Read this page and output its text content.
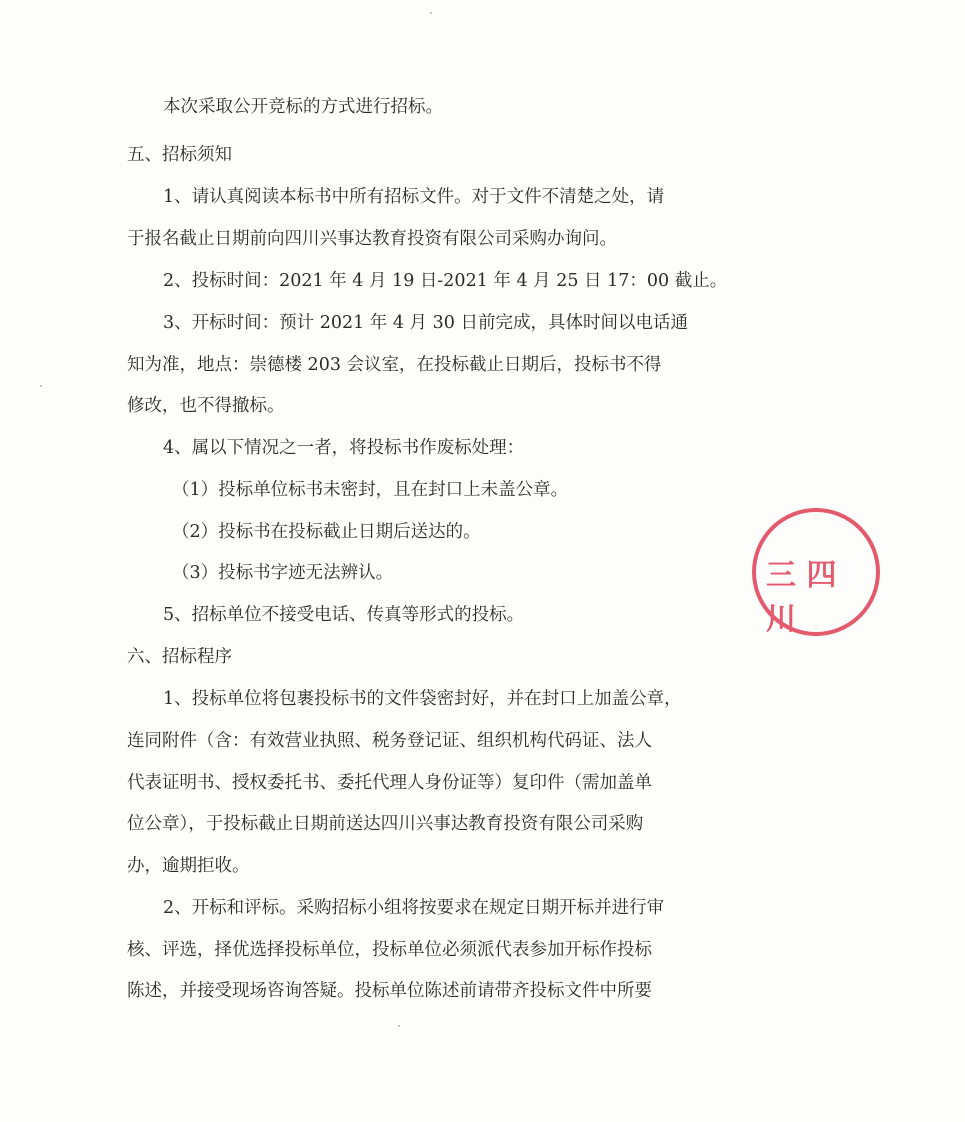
本次采取公开竞标的方式进行招标。
五、招标须知
1、请认真阅读本标书中所有招标文件。对于文件不清楚之处，请
于报名截止日期前向四川兴事达教育投资有限公司采购办询问。
2、投标时间：2021 年 4 月 19 日-2021 年 4 月 25 日 17：00 截止。
3、开标时间：预计 2021 年 4 月 30 日前完成，具体时间以电话通
知为准，地点：崇德楼 203 会议室，在投标截止日期后，投标书不得
修改，也不得撤标。
4、属以下情况之一者，将投标书作废标处理：
（1）投标单位标书未密封，且在封口上未盖公章。
（2）投标书在投标截止日期后送达的。
（3）投标书字迹无法辨认。
5、招标单位不接受电话、传真等形式的投标。
六、招标程序
1、投标单位将包裹投标书的文件袋密封好，并在封口上加盖公章，
连同附件（含：有效营业执照、税务登记证、组织机构代码证、法人
代表证明书、授权委托书、委托代理人身份证等）复印件（需加盖单
位公章），于投标截止日期前送达四川兴事达教育投资有限公司采购
办，逾期拒收。
2、开标和评标。采购招标小组将按要求在规定日期开标并进行审
核、评选，择优选择投标单位，投标单位必须派代表参加开标作投标
陈述，并接受现场咨询答疑。投标单位陈述前请带齐投标文件中所要
三 四 川
